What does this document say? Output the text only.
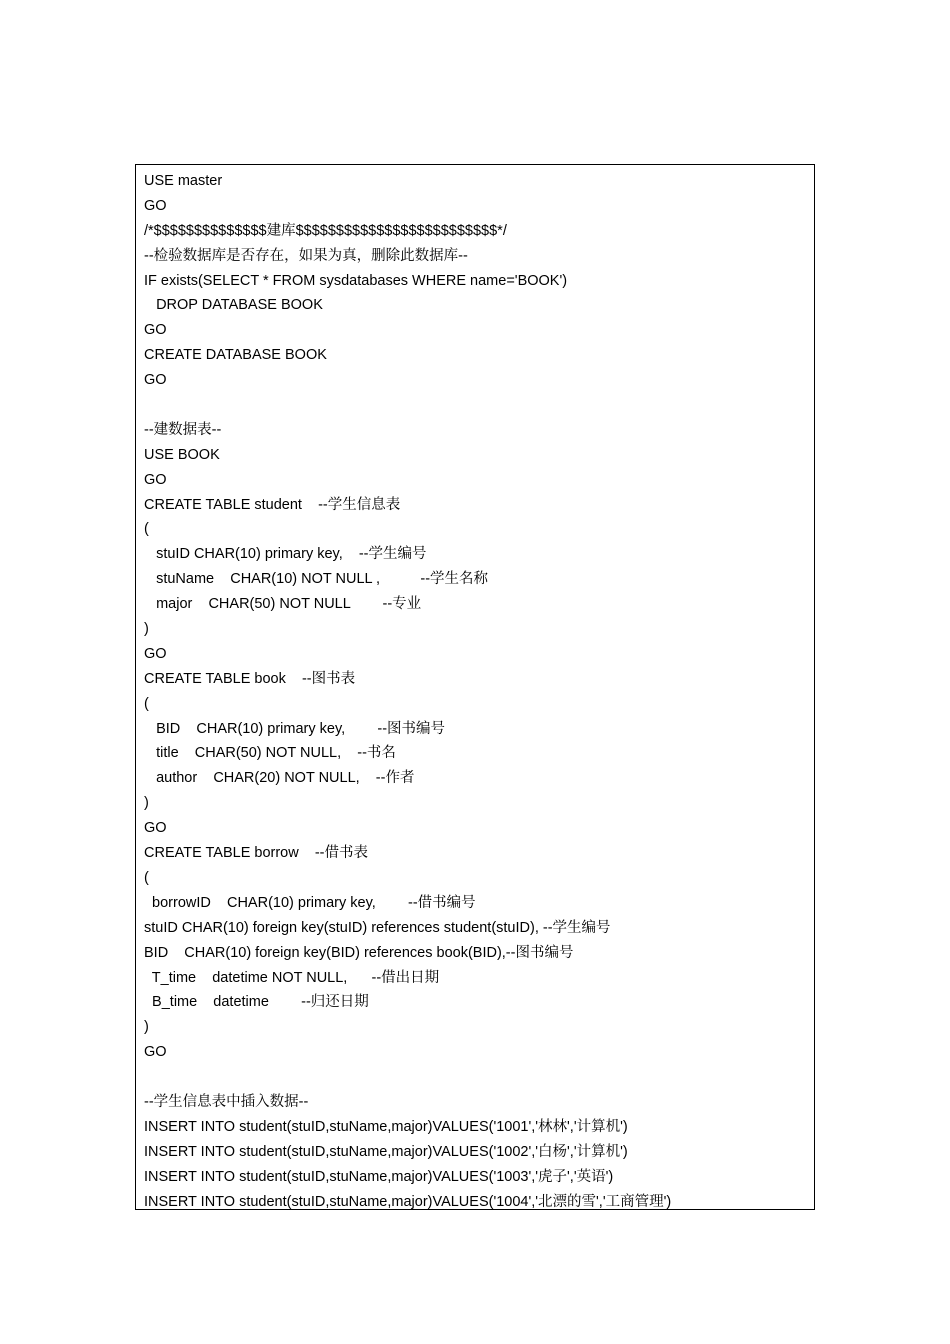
USE master
GO
/*$$$$$$$$$$$$$$建库$$$$$$$$$$$$$$$$$$$$$$$$$*/
--检验数据库是否存在，如果为真，删除此数据库--
IF exists(SELECT * FROM sysdatabases WHERE name='BOOK')
DROP DATABASE BOOK
GO
CREATE DATABASE BOOK
GO
--建数据表--
USE BOOK
GO
CREATE TABLE student    --学生信息表
(
stuID CHAR(10) primary key,    --学生编号
stuName    CHAR(10) NOT NULL ,          --学生名称
major    CHAR(50) NOT NULL        --专业
)
GO
CREATE TABLE book    --图书表
(
BID    CHAR(10) primary key,        --图书编号
title    CHAR(50) NOT NULL,    --书名
author    CHAR(20) NOT NULL,    --作者
)
GO
CREATE TABLE borrow    --借书表
(
borrowID    CHAR(10) primary key,        --借书编号
stuID CHAR(10) foreign key(stuID) references student(stuID), --学生编号
BID    CHAR(10) foreign key(BID) references book(BID),--图书编号
T_time    datetime NOT NULL,      --借出日期
B_time    datetime        --归还日期
)
GO
--学生信息表中插入数据--
INSERT INTO student(stuID,stuName,major)VALUES('1001','林林','计算机')
INSERT INTO student(stuID,stuName,major)VALUES('1002','白杨','计算机')
INSERT INTO student(stuID,stuName,major)VALUES('1003','虎子','英语')
INSERT INTO student(stuID,stuName,major)VALUES('1004','北漂的雪','工商管理')
